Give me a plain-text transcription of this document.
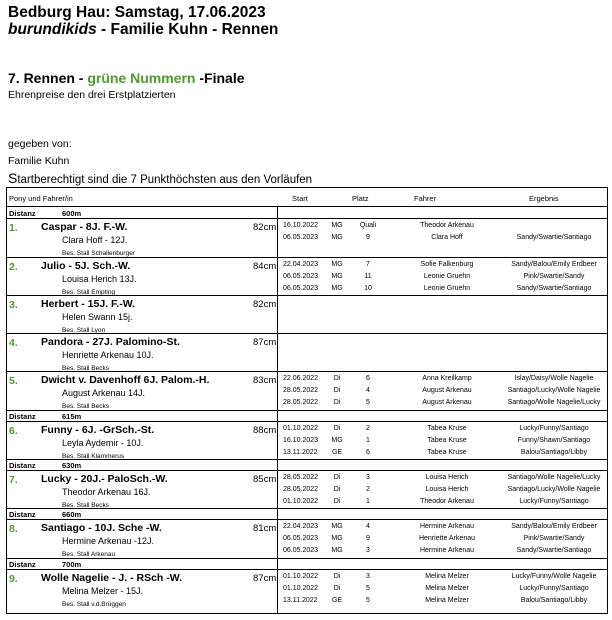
Bedburg Hau: Samstag, 17.06.2023
burundikids - Familie Kuhn - Rennen
7. Rennen - grüne Nummern -Finale
Ehrenpreise den drei Erstplatzierten
gegeben von:
Familie Kuhn
Startberechtigt sind die 7 Punkthöchsten aus den Vorläufen
Pony und Fahrer/in	Start	Platz	Fahrer	Ergebnis
Distanz	600m
1. Caspar - 8J. F.-W.	82cm
Clara Hoff - 12J.
Bes. Stall Schallenburger
16.10.2022	MG	Quali	Theodor Arkenau
06.05.2023	MG	9	Clara Hoff	Sandy/Swartie/Santiago
2. Julio - 5J. Sch.-W.	84cm
Louisa Herich 13J.
Bes. Stall Empting
22.04.2023	MG	7	Sofie Falkenburg	Sandy/Balou/Emily Erdbeer
06.05.2023	MG	11	Leonie Gruehn	Pink/Swartie/Sandy
06.05.2023	MG	10	Leonie Gruehn	Sandy/Swartie/Santiago
3. Herbert - 15J. F.-W.	82cm
Helen Swann 15j.
Bes. Stall Lyon
4. Pandora - 27J. Palomino-St.	87cm
Henriette Arkenau 10J.
Bes. Stall Becks
5. Dwicht v. Davenhoff 6J. Palom.-H.	83cm
August Arkenau 14J.
Bes. Stall Becks
22.06.2022	Di	6	Anna Kreilkamp	Islay/Daisy/Wolle Nagelie
28.05.2022	Di	4	August Arkenau	Santiago/Lucky/Wolle Nagelie
28.05.2022	Di	5	August Arkenau	Santiago/Wolle Nagelie/Lucky
Distanz	615m
6. Funny - 6J. -GrSch.-St.	88cm
Leyla Aydemir - 10J.
Bes. Stall Klammerus
01.10.2022	Di	2	Tabea Kruse	Lucky/Funny/Santiago
16.10.2023	MG	1	Tabea Kruse	Funny/Shawn/Santiago
13.11.2022	GE	6	Tabea Kruse	Balou/Santiago/Libby
Distanz	630m
7. Lucky - 20J.- PaloSch.-W.	85cm
Theodor Arkenau 16J.
Bes. Stall Becks
28.05.2022	Di	3	Louisa Herich	Santiago/Wolle Nagelie/Lucky
28.05.2022	Di	2	Louisa Herich	Santiago/Lucky/Wolle Nagelie
01.10.2022	Di	1	Theodor Arkenau	Lucky/Funny/Santiago
Distanz	660m
8. Santiago - 10J. Sche -W.	81cm
Hermine Arkenau -12J.
Bes. Stall Arkenau
22.04.2023	MG	4	Hermine Arkenau	Sandy/Balou/Emily Erdbeer
06.05.2023	MG	9	Henriette Arkenau	Pink/Swartie/Sandy
06.05.2023	MG	3	Hermine Arkenau	Sandy/Swartie/Santiago
Distanz	700m
9. Wolle Nagelie - J. - RSch -W.	87cm
Melina Melzer - 15J.
Bes. Stall v.d.Brüggen
01.10.2022	Di	3	Melina Melzer	Lucky/Funny/Wolle Nagelie
01.10.2022	Di	5	Melina Melzer	Lucky/Funny/Santiago
13.11.2022	GE	5	Melina Melzer	Balou/Santiago/Libby
